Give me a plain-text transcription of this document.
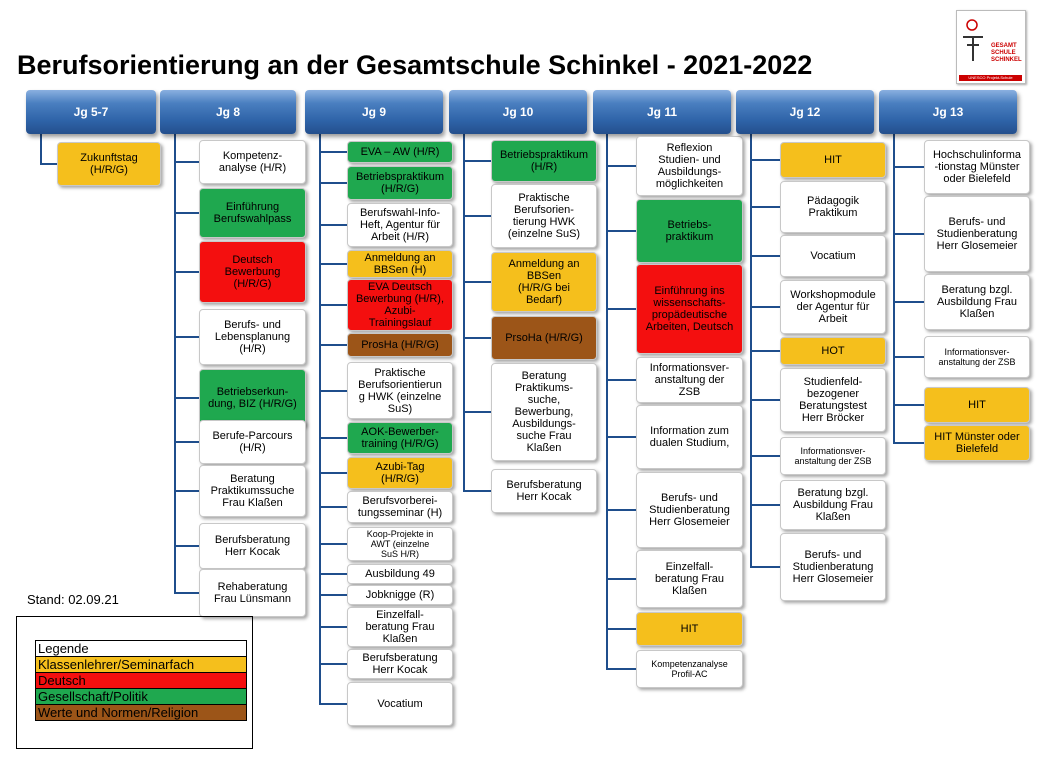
Berufsorientierung an der Gesamtschule Schinkel - 2021-2022
GESAMT SCHULE SCHINKEL
UNESCO Projekt-Schule
Jg 5-7
Zukunftstag
(H/R/G)
Jg 8
Kompetenz-
analyse (H/R)
Einführung
Berufswahlpass
Deutsch
Bewerbung
(H/R/G)
Berufs- und
Lebensplanung
(H/R)
Betriebserkun-
dung, BIZ (H/R/G)
Berufe-Parcours
(H/R)
Beratung
Praktikumssuche
Frau Klaßen
Berufsberatung
Herr Kocak
Rehaberatung
Frau Lünsmann
Jg 9
EVA – AW (H/R)
Betriebspraktikum
(H/R/G)
Berufswahl-Info-
Heft, Agentur für
Arbeit (H/R)
Anmeldung an
BBSen (H)
EVA Deutsch
Bewerbung (H/R),
Azubi-
Trainingslauf
ProsHa (H/R/G)
Praktische
Berufsorientierun
g HWK (einzelne
SuS)
AOK-Bewerber-
training (H/R/G)
Azubi-Tag
(H/R/G)
Berufsvorberei-
tungsseminar (H)
Koop-Projekte in
AWT (einzelne
SuS H/R)
Ausbildung 49
Jobknigge (R)
Einzelfall-
beratung Frau
Klaßen
Berufsberatung
Herr Kocak
Vocatium
Jg 10
Betriebspraktikum
(H/R)
Praktische
Berufsorien-
tierung HWK
(einzelne SuS)
Anmeldung an
BBSen
(H/R/G bei
Bedarf)
PrsoHa (H/R/G)
Beratung
Praktikums-
suche,
Bewerbung,
Ausbildungs-
suche Frau
Klaßen
Berufsberatung
Herr Kocak
Jg 11
Reflexion
Studien- und
Ausbildungs-
möglichkeiten
Betriebs-
praktikum
Einführung ins
wissenschafts-
propädeutische
Arbeiten, Deutsch
Informationsver-
anstaltung der
ZSB
Information zum
dualen Studium,
Berufs- und
Studienberatung
Herr Glosemeier
Einzelfall-
beratung Frau
Klaßen
HIT
Kompetenzanalyse
Profil-AC
Jg 12
HIT
Pädagogik
Praktikum
Vocatium
Workshopmodule
der Agentur für
Arbeit
HOT
Studienfeld-
bezogener
Beratungstest
Herr Bröcker
Informationsver-
anstaltung der ZSB
Beratung bzgl.
Ausbildung Frau
Klaßen
Berufs- und
Studienberatung
Herr Glosemeier
Jg 13
Hochschulinforma
-tionstag Münster
oder Bielefeld
Berufs- und
Studienberatung
Herr Glosemeier
Beratung bzgl.
Ausbildung Frau
Klaßen
Informationsver-
anstaltung der ZSB
HIT
HIT Münster oder
Bielefeld
Stand: 02.09.21
Legende
Klassenlehrer/Seminarfach
Deutsch
Gesellschaft/Politik
Werte und Normen/Religion
